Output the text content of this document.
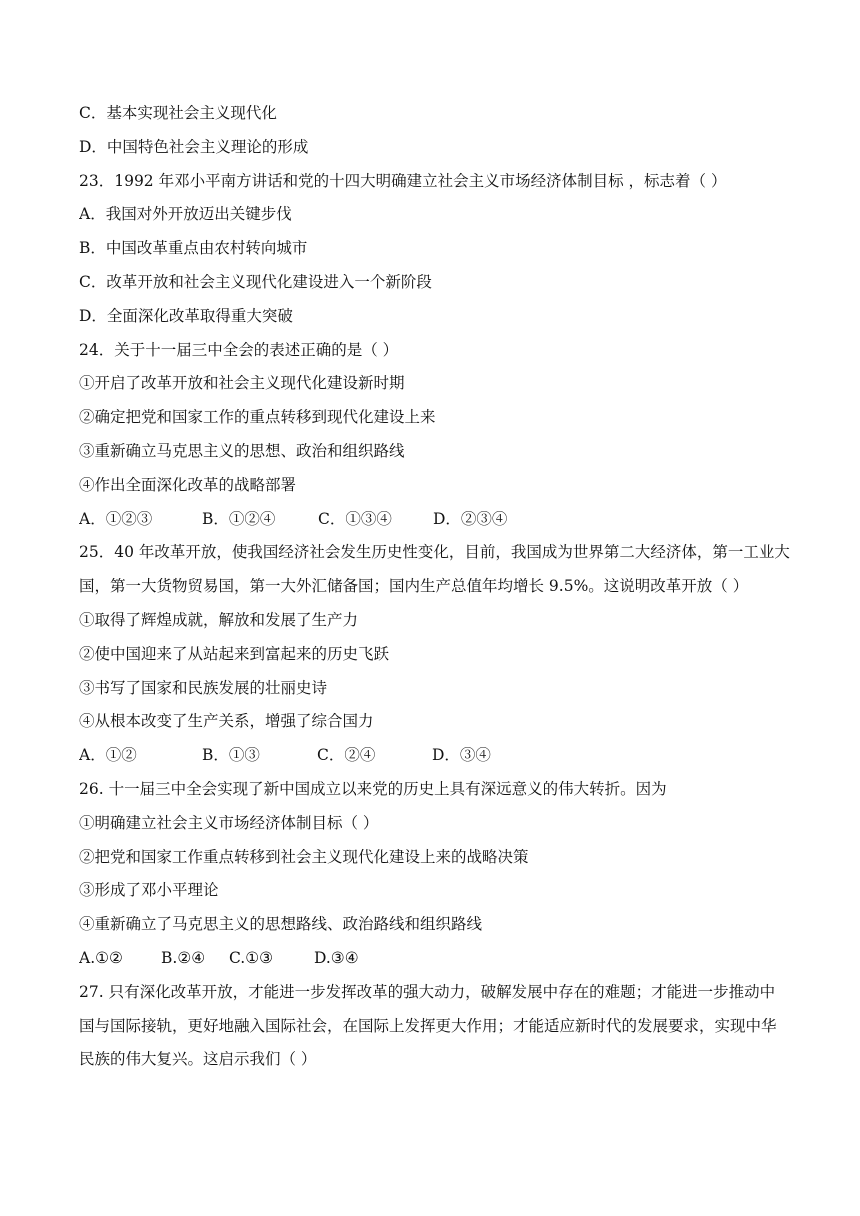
C．基本实现社会主义现代化
D．中国特色社会主义理论的形成
23．1992 年邓小平南方讲话和党的十四大明确建立社会主义市场经济体制目标 ，标志着（ ）
A．我国对外开放迈出关键步伐
B．中国改革重点由农村转向城市
C．改革开放和社会主义现代化建设进入一个新阶段
D．全面深化改革取得重大突破
24．关于十一届三中全会的表述正确的是（ ）
①开启了改革开放和社会主义现代化建设新时期
②确定把党和国家工作的重点转移到现代化建设上来
③重新确立马克思主义的思想、政治和组织路线
④作出全面深化改革的战略部署
A．①②③	B．①②④	C．①③④	D．②③④
25．40 年改革开放，使我国经济社会发生历史性变化，目前，我国成为世界第二大经济体，第一工业大国，第一大货物贸易国，第一大外汇储备国；国内生产总值年均增长 9.5%。这说明改革开放（ ）
①取得了辉煌成就，解放和发展了生产力
②使中国迎来了从站起来到富起来的历史飞跃
③书写了国家和民族发展的壮丽史诗
④从根本改变了生产关系，增强了综合国力
A．①②	B．①③	C．②④	D．③④
26. 十一届三中全会实现了新中国成立以来党的历史上具有深远意义的伟大转折。因为
①明确建立社会主义市场经济体制目标（ ）
②把党和国家工作重点转移到社会主义现代化建设上来的战略决策
③形成了邓小平理论
④重新确立了马克思主义的思想路线、政治路线和组织路线
A.①②	B.②④	C.①③	D.③④
27. 只有深化改革开放，才能进一步发挥改革的强大动力，破解发展中存在的难题；才能进一步推动中国与国际接轨，更好地融入国际社会，在国际上发挥更大作用；才能适应新时代的发展要求，实现中华民族的伟大复兴。这启示我们（ ）
